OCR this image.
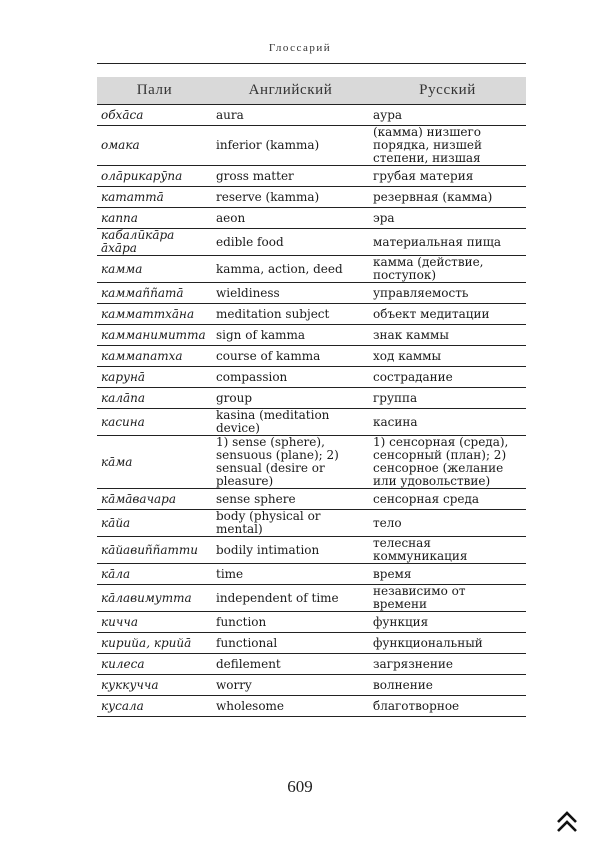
Глоссарий
Пали	Английский	Русский
обхāса	aura	аура
омака	inferior (kamma)	(камма) низшего порядка, низшей степени, низшая
олāрикарӯпа	gross matter	грубая материя
кататтā	reserve (kamma)	резервная (камма)
каппа	aeon	эра
кабалӣкāра āхāра	edible food	материальная пища
камма	kamma, action, deed	камма (действие, поступок)
каммаññатā	wieldiness	управляемость
камматтхāна	meditation subject	объект медитации
камманимитта	sign of kamma	знак каммы
каммапатха	course of kamma	ход каммы
карунā	compassion	сострадание
калāпа	group	группа
касина	kasina (meditation device)	касина
кāма	1) sense (sphere), sensuous (plane); 2) sensual (desire or pleasure)	1) сенсорная (среда), сенсорный (план); 2) сенсорное (желание или удовольствие)
кāмāвачара	sense sphere	сенсорная среда
кāйа	body (physical or mental)	тело
кāйавиññатти	bodily intimation	телесная коммуникация
кāла	time	время
кāлавимутта	independent of time	независимо от времени
кичча	function	функция
кирийа, крийā	functional	функциональный
килеса	defilement	загрязнение
куккучча	worry	волнение
кусала	wholesome	благотворное
609
